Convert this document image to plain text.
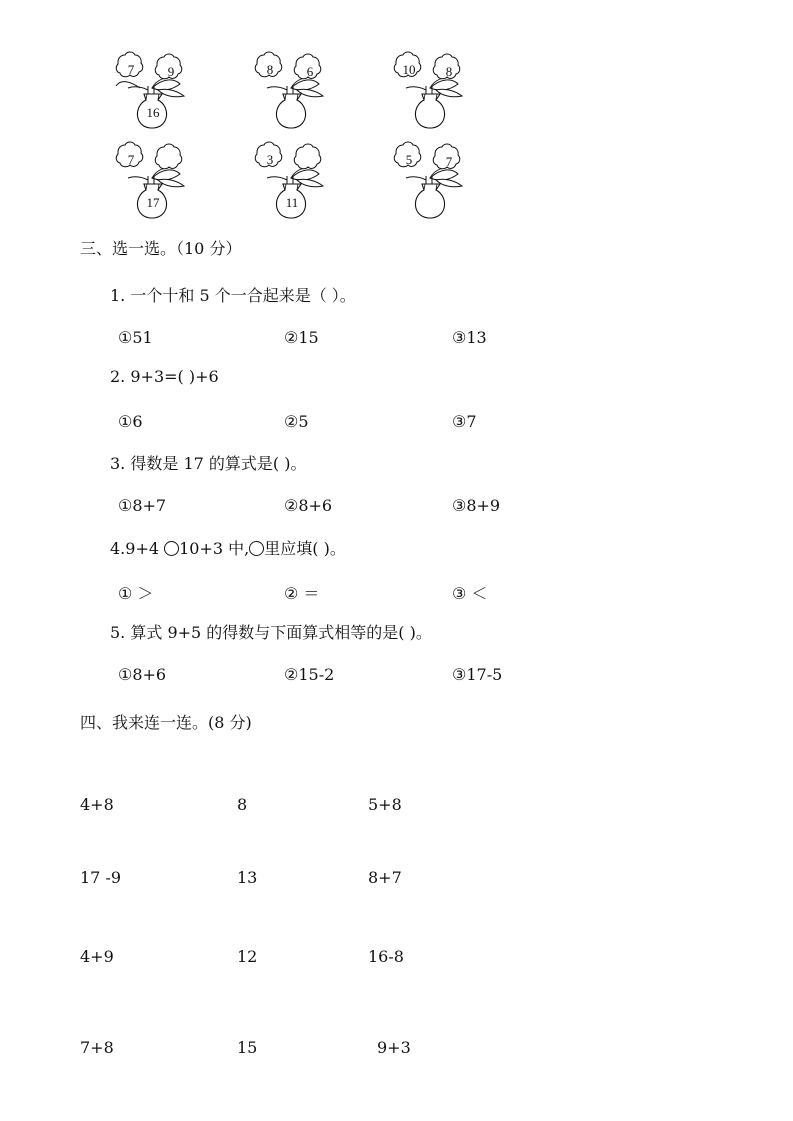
7	9
16
8	6	10 8
7
17
3
11
5	7
三、选一选。（10 分）
1. 一个十和 5 个一合起来是（ ）。
①51	②15	③13
2. 9+3=( )+6
①6	②5	③7
3. 得数是 17 的算式是( )。
①8+7	②8+6	③8+9
4.9+4 10+3 中, 里应填( )。
① ＞	② ＝	③ ＜
5. 算式 9+5 的得数与下面算式相等的是( )。
①8+6	②15-2	③17-5
四、我来连一连。(8 分)
4+8	8	5+8
17 -9	13	8+7
4+9	12	16-8
7+8	15	9+3
